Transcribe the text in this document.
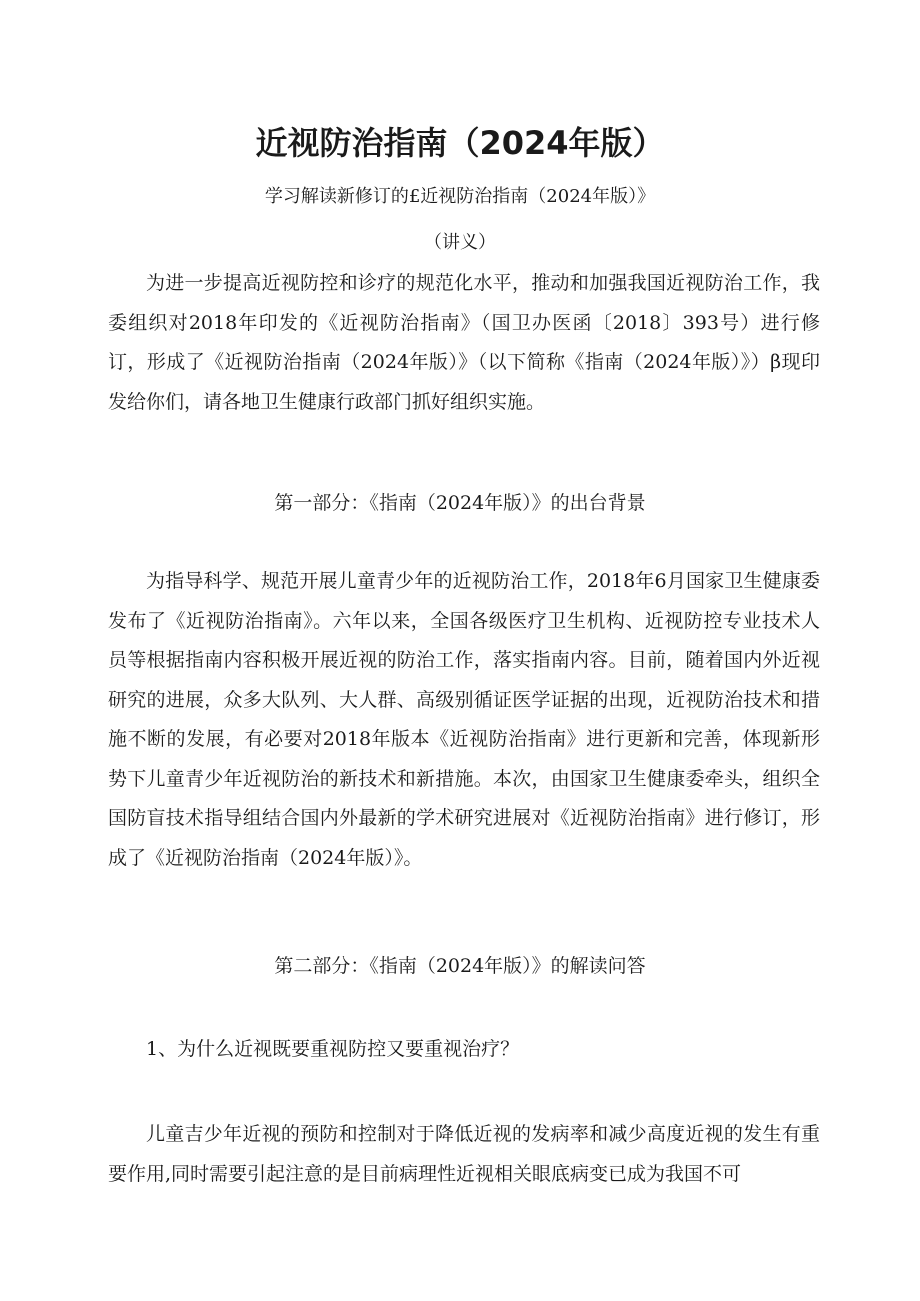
近视防治指南（2024年版）

学习解读新修订的£近视防治指南（2024年版）》

（讲义）

为进一步提高近视防控和诊疗的规范化水平，推动和加强我国近视防治工作，我委组织对2018年印发的《近视防治指南》（国卫办医函〔2018〕393号）进行修订，形成了《近视防治指南（2024年版）》（以下简称《指南（2024年版）》）β现印发给你们，请各地卫生健康行政部门抓好组织实施。

第一部分：《指南（2024年版）》的出台背景

为指导科学、规范开展儿童青少年的近视防治工作，2018年6月国家卫生健康委发布了《近视防治指南》。六年以来，全国各级医疗卫生机构、近视防控专业技术人员等根据指南内容积极开展近视的防治工作，落实指南内容。目前，随着国内外近视研究的进展，众多大队列、大人群、高级别循证医学证据的出现，近视防治技术和措施不断的发展，有必要对2018年版本《近视防治指南》进行更新和完善，体现新形势下儿童青少年近视防治的新技术和新措施。本次，由国家卫生健康委牵头，组织全国防盲技术指导组结合国内外最新的学术研究进展对《近视防治指南》进行修订，形成了《近视防治指南（2024年版）》。

第二部分：《指南（2024年版）》的解读问答

1、为什么近视既要重视防控又要重视治疗？

儿童吉少年近视的预防和控制对于降低近视的发病率和减少高度近视的发生有重要作用,同时需要引起注意的是目前病理性近视相关眼底病变已成为我国不可
